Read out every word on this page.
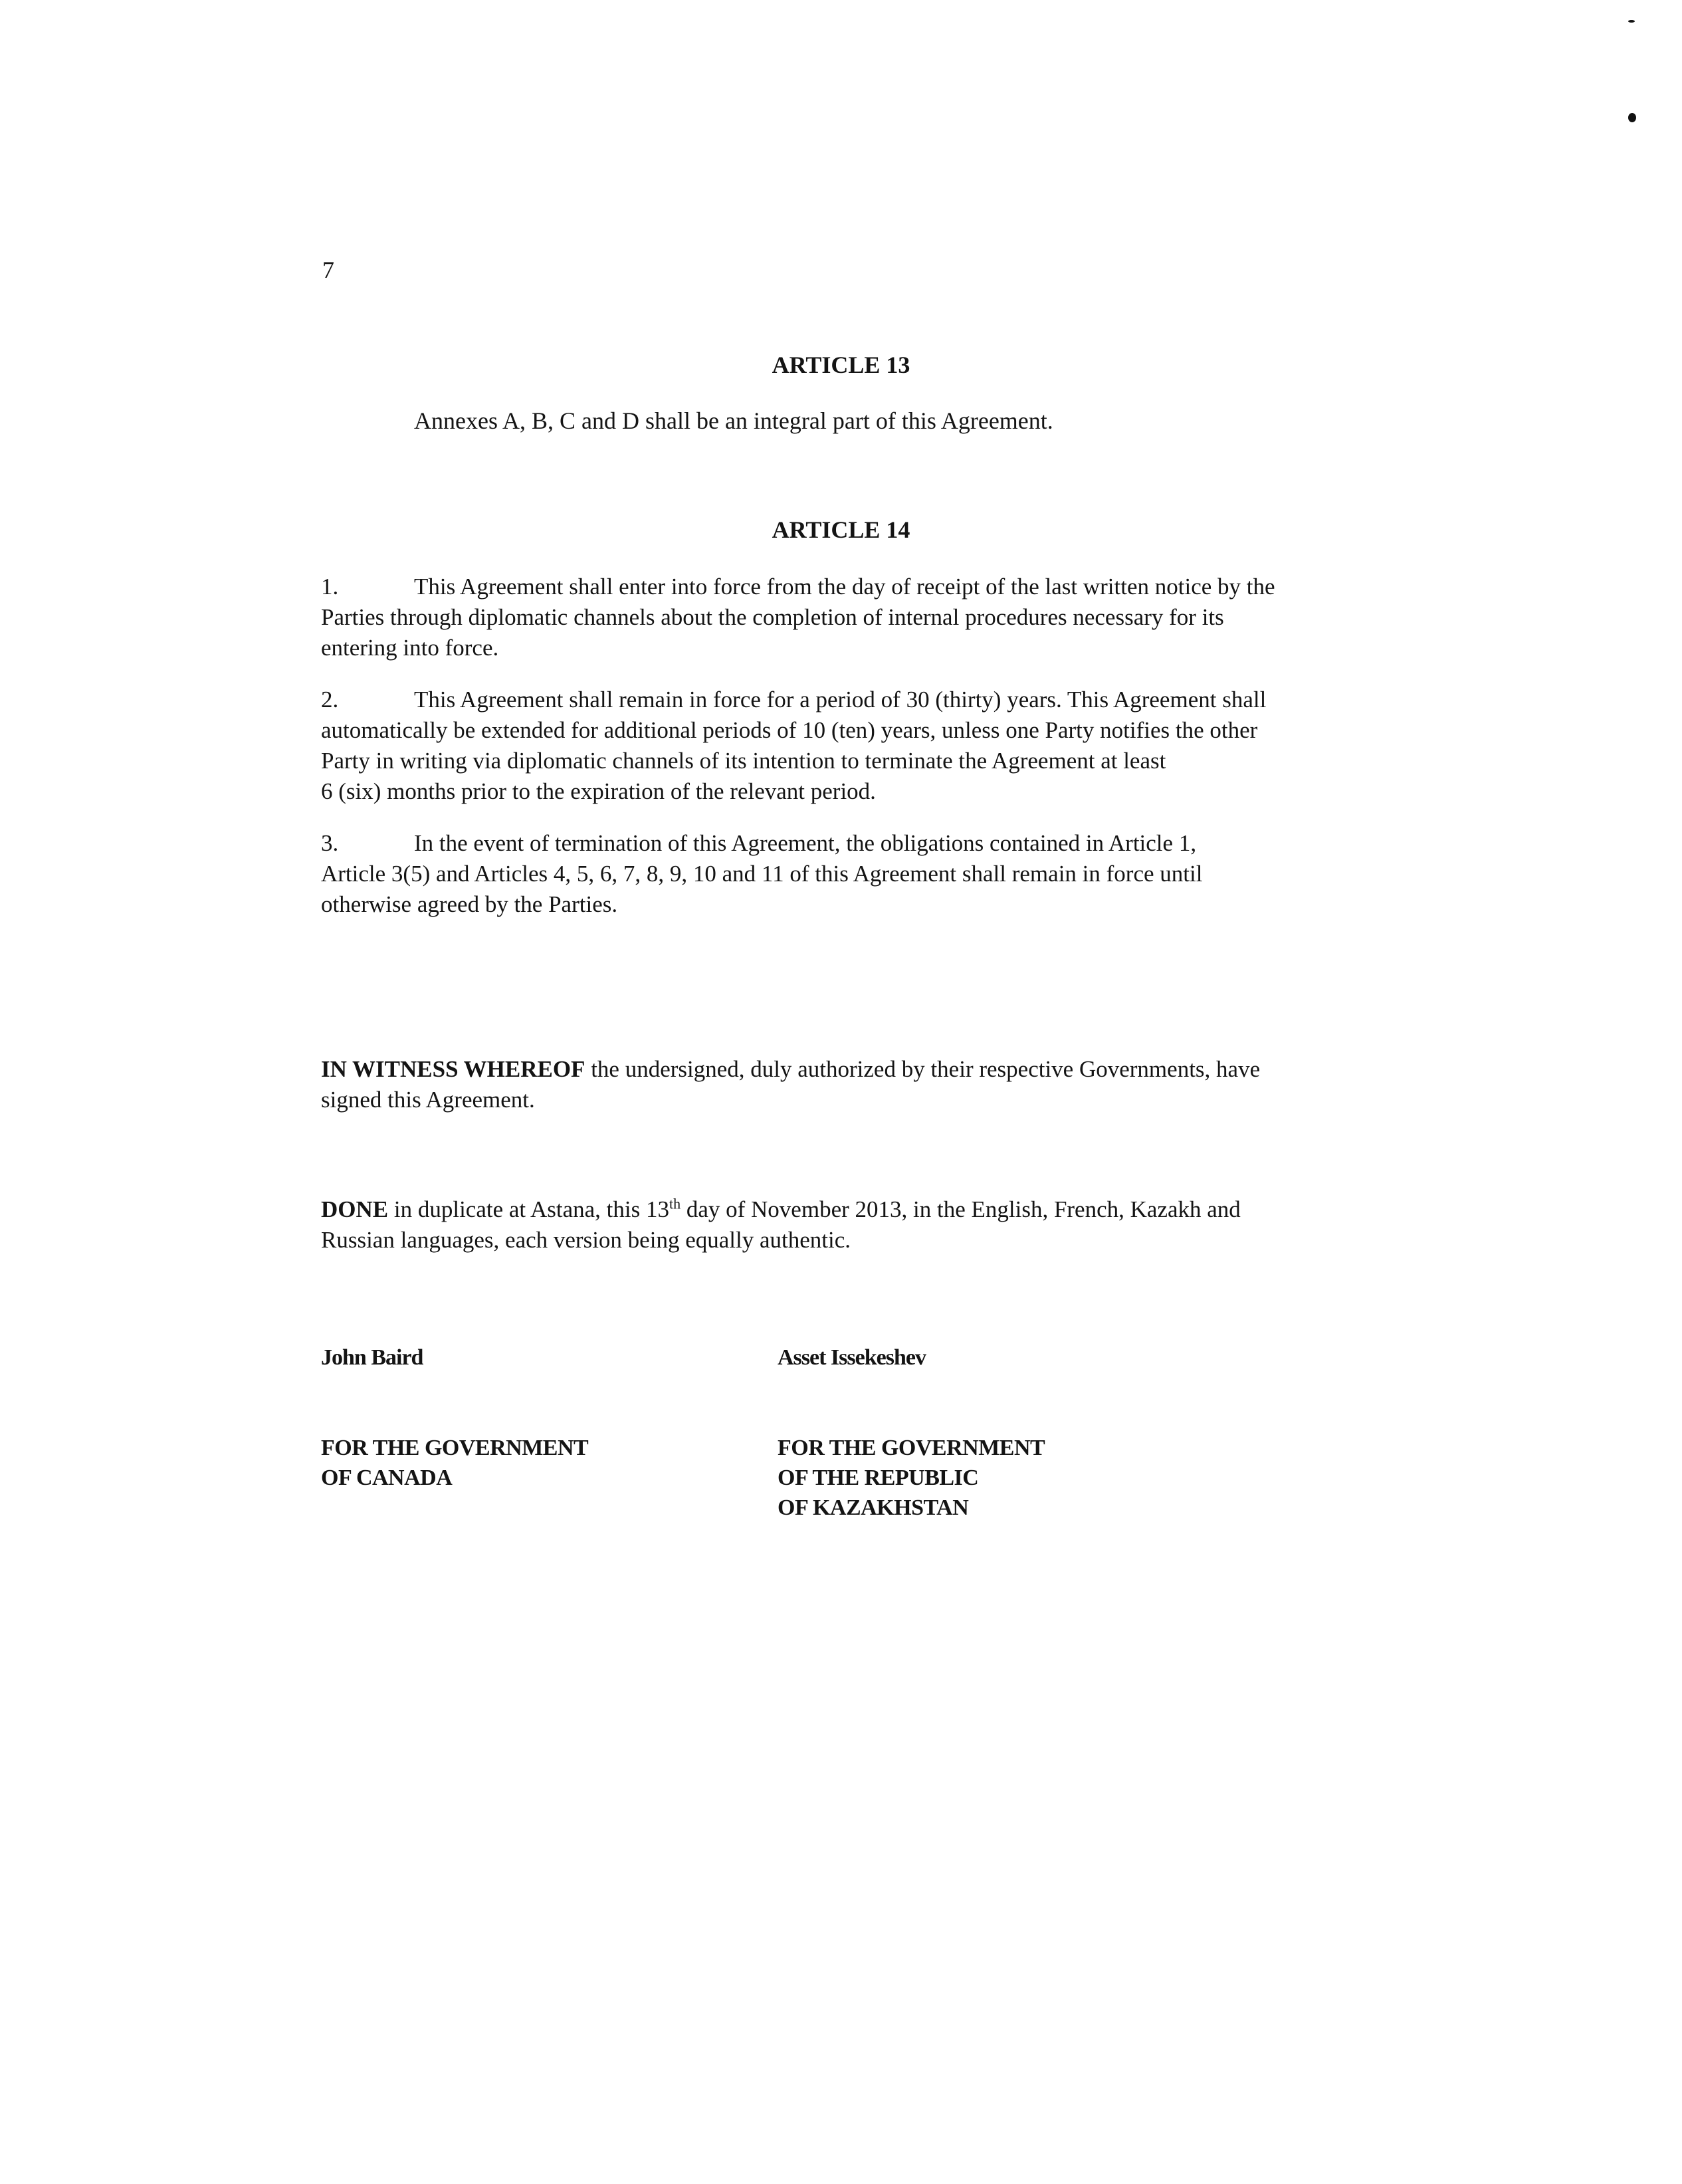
7
ARTICLE 13
Annexes A, B, C and D shall be an integral part of this Agreement.
ARTICLE 14
1.	This Agreement shall enter into force from the day of receipt of the last written notice by the
Parties through diplomatic channels about the completion of internal procedures necessary for its
entering into force.
2.	This Agreement shall remain in force for a period of 30 (thirty) years. This Agreement shall
automatically be extended for additional periods of 10 (ten) years, unless one Party notifies the other
Party in writing via diplomatic channels of its intention to terminate the Agreement at least
6 (six) months prior to the expiration of the relevant period.
3.	In the event of termination of this Agreement, the obligations contained in Article 1,
Article 3(5) and Articles 4, 5, 6, 7, 8, 9, 10 and 11 of this Agreement shall remain in force until
otherwise agreed by the Parties.
IN WITNESS WHEREOF the undersigned, duly authorized by their respective Governments, have
signed this Agreement.
DONE in duplicate at Astana, this 13th day of November 2013, in the English, French, Kazakh and
Russian languages, each version being equally authentic.
John Baird	Asset Issekeshev
FOR THE GOVERNMENT
OF CANADA
FOR THE GOVERNMENT
OF THE REPUBLIC
OF KAZAKHSTAN
